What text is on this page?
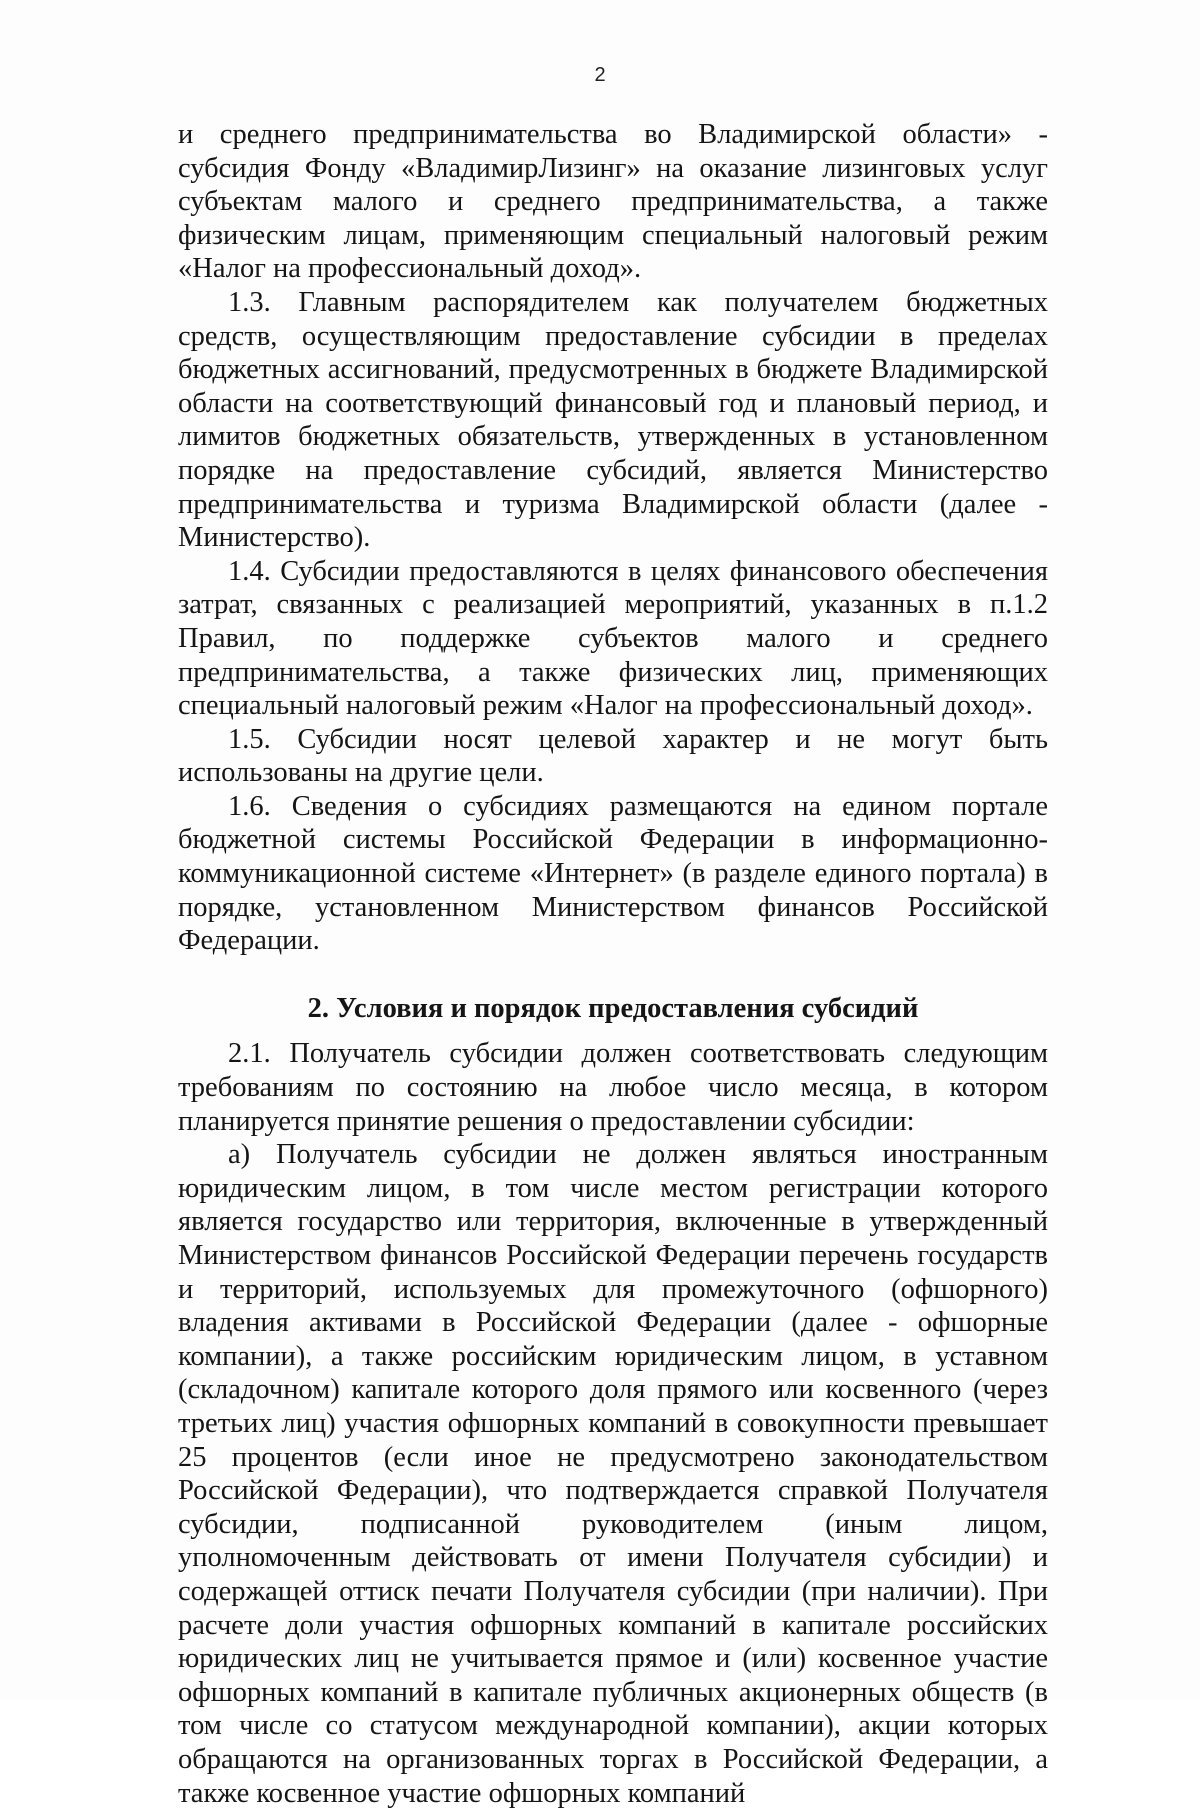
2

и среднего предпринимательства во Владимирской области» - субсидия Фонду «ВладимирЛизинг» на оказание лизинговых услуг субъектам малого и среднего предпринимательства, а также физическим лицам, применяющим специальный налоговый режим «Налог на профессиональный доход».

1.3. Главным распорядителем как получателем бюджетных средств, осуществляющим предоставление субсидии в пределах бюджетных ассигнований, предусмотренных в бюджете Владимирской области на соответствующий финансовый год и плановый период, и лимитов бюджетных обязательств, утвержденных в установленном порядке на предоставление субсидий, является Министерство предпринимательства и туризма Владимирской области (далее - Министерство).

1.4. Субсидии предоставляются в целях финансового обеспечения затрат, связанных с реализацией мероприятий, указанных в п.1.2 Правил, по поддержке субъектов малого и среднего предпринимательства, а также физических лиц, применяющих специальный налоговый режим «Налог на профессиональный доход».

1.5. Субсидии носят целевой характер и не могут быть использованы на другие цели.

1.6. Сведения о субсидиях размещаются на едином портале бюджетной системы Российской Федерации в информационно-коммуникационной системе «Интернет» (в разделе единого портала) в порядке, установленном Министерством финансов Российской Федерации.

2. Условия и порядок предоставления субсидий

2.1. Получатель субсидии должен соответствовать следующим требованиям по состоянию на любое число месяца, в котором планируется принятие решения о предоставлении субсидии:

а) Получатель субсидии не должен являться иностранным юридическим лицом, в том числе местом регистрации которого является государство или территория, включенные в утвержденный Министерством финансов Российской Федерации перечень государств и территорий, используемых для промежуточного (офшорного) владения активами в Российской Федерации (далее - офшорные компании), а также российским юридическим лицом, в уставном (складочном) капитале которого доля прямого или косвенного (через третьих лиц) участия офшорных компаний в совокупности превышает 25 процентов (если иное не предусмотрено законодательством Российской Федерации), что подтверждается справкой Получателя субсидии, подписанной руководителем (иным лицом, уполномоченным действовать от имени Получателя субсидии) и содержащей оттиск печати Получателя субсидии (при наличии). При расчете доли участия офшорных компаний в капитале российских юридических лиц не учитывается прямое и (или) косвенное участие офшорных компаний в капитале публичных акционерных обществ (в том числе со статусом международной компании), акции которых обращаются на организованных торгах в Российской Федерации, а также косвенное участие офшорных компаний
